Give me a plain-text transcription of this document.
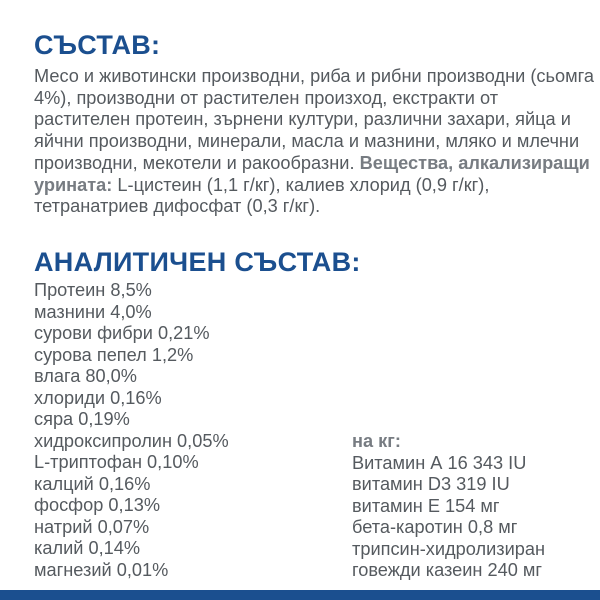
СЪСТАВ:

Месо и животински производни, риба и рибни производни (сьомга 4%), производни от растителен произход, екстракти от растителен протеин, зърнени култури, различни захари, яйца и яйчни производни, минерали, масла и мазнини, мляко и млечни производни, мекотели и ракообразни. Вещества, алкализиращи урината: L-цистеин (1,1 г/кг), калиев хлорид (0,9 г/кг), тетранатриев дифосфат (0,3 г/кг).

АНАЛИТИЧЕН СЪСТАВ:
Протеин 8,5%
мазнини 4,0%
сурови фибри 0,21%
сурова пепел 1,2%
влага 80,0%
хлориди 0,16%
сяра 0,19%
хидроксипролин 0,05%
L-триптофан 0,10%
калций 0,16%
фосфор 0,13%
натрий 0,07%
калий 0,14%
магнезий 0,01%
на кг:
Витамин А 16 343 IU
витамин D3 319 IU
витамин Е 154 мг
бета-каротин 0,8 мг
трипсин-хидролизиран
говежди казеин 240 мг
